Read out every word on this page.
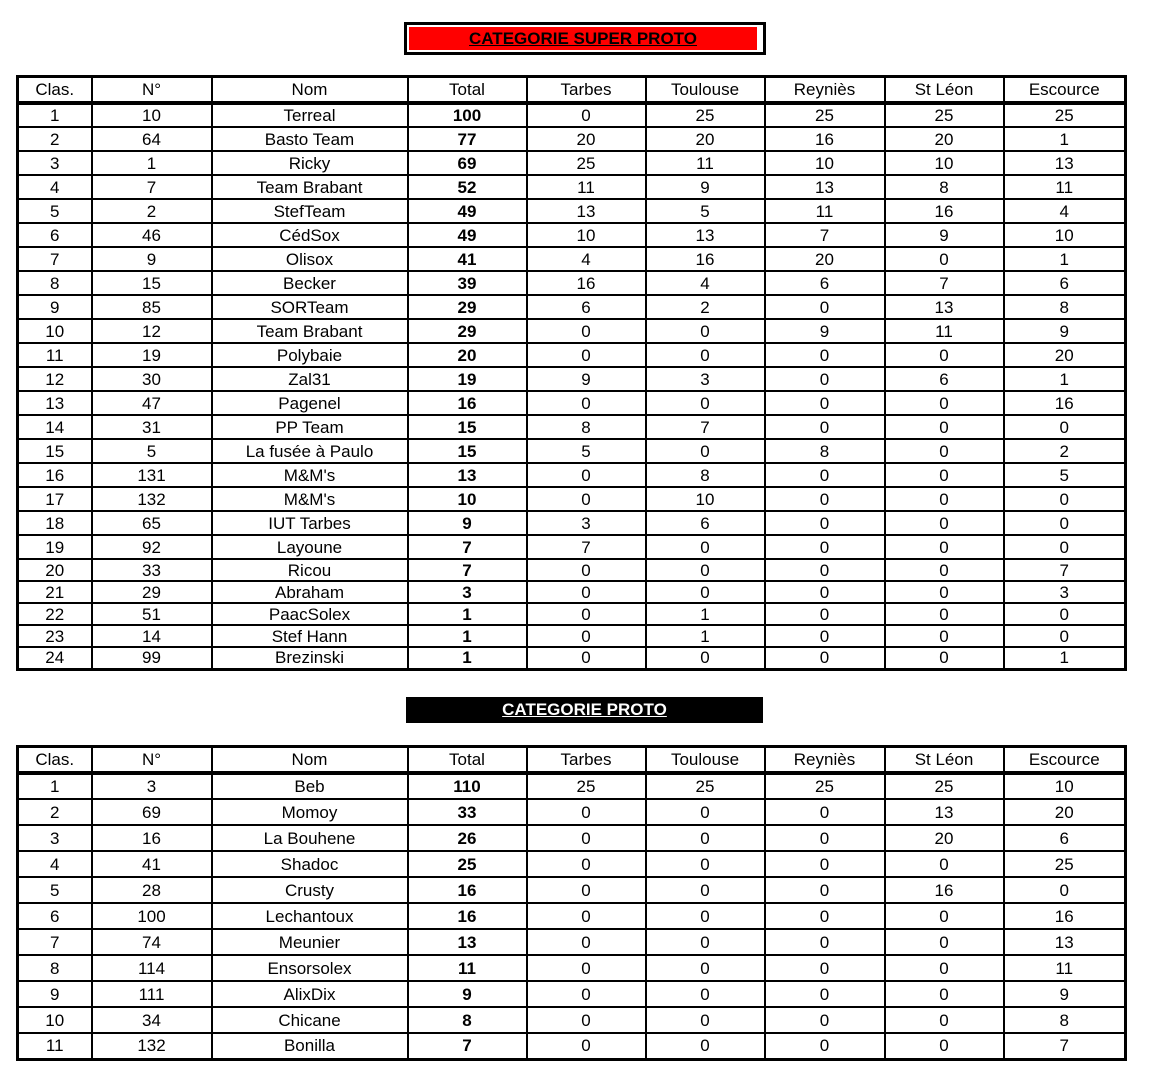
CATEGORIE SUPER PROTO
Clas.	N°	Nom	Total	Tarbes	Toulouse	Reyniès	St Léon	Escource
1	10	Terreal	100	0	25	25	25	25
2	64	Basto Team	77	20	20	16	20	1
3	1	Ricky	69	25	11	10	10	13
4	7	Team Brabant	52	11	9	13	8	11
5	2	StefTeam	49	13	5	11	16	4
6	46	CédSox	49	10	13	7	9	10
7	9	Olisox	41	4	16	20	0	1
8	15	Becker	39	16	4	6	7	6
9	85	SORTeam	29	6	2	0	13	8
10	12	Team Brabant	29	0	0	9	11	9
11	19	Polybaie	20	0	0	0	0	20
12	30	Zal31	19	9	3	0	6	1
13	47	Pagenel	16	0	0	0	0	16
14	31	PP Team	15	8	7	0	0	0
15	5	La fusée à Paulo	15	5	0	8	0	2
16	131	M&M's	13	0	8	0	0	5
17	132	M&M's	10	0	10	0	0	0
18	65	IUT Tarbes	9	3	6	0	0	0
19	92	Layoune	7	7	0	0	0	0
20	33	Ricou	7	0	0	0	0	7
21	29	Abraham	3	0	0	0	0	3
22	51	PaacSolex	1	0	1	0	0	0
23	14	Stef Hann	1	0	1	0	0	0
24	99	Brezinski	1	0	0	0	0	1
CATEGORIE PROTO
Clas.	N°	Nom	Total	Tarbes	Toulouse	Reyniès	St Léon	Escource
1	3	Beb	110	25	25	25	25	10
2	69	Momoy	33	0	0	0	13	20
3	16	La Bouhene	26	0	0	0	20	6
4	41	Shadoc	25	0	0	0	0	25
5	28	Crusty	16	0	0	0	16	0
6	100	Lechantoux	16	0	0	0	0	16
7	74	Meunier	13	0	0	0	0	13
8	114	Ensorsolex	11	0	0	0	0	11
9	111	AlixDix	9	0	0	0	0	9
10	34	Chicane	8	0	0	0	0	8
11	132	Bonilla	7	0	0	0	0	7
